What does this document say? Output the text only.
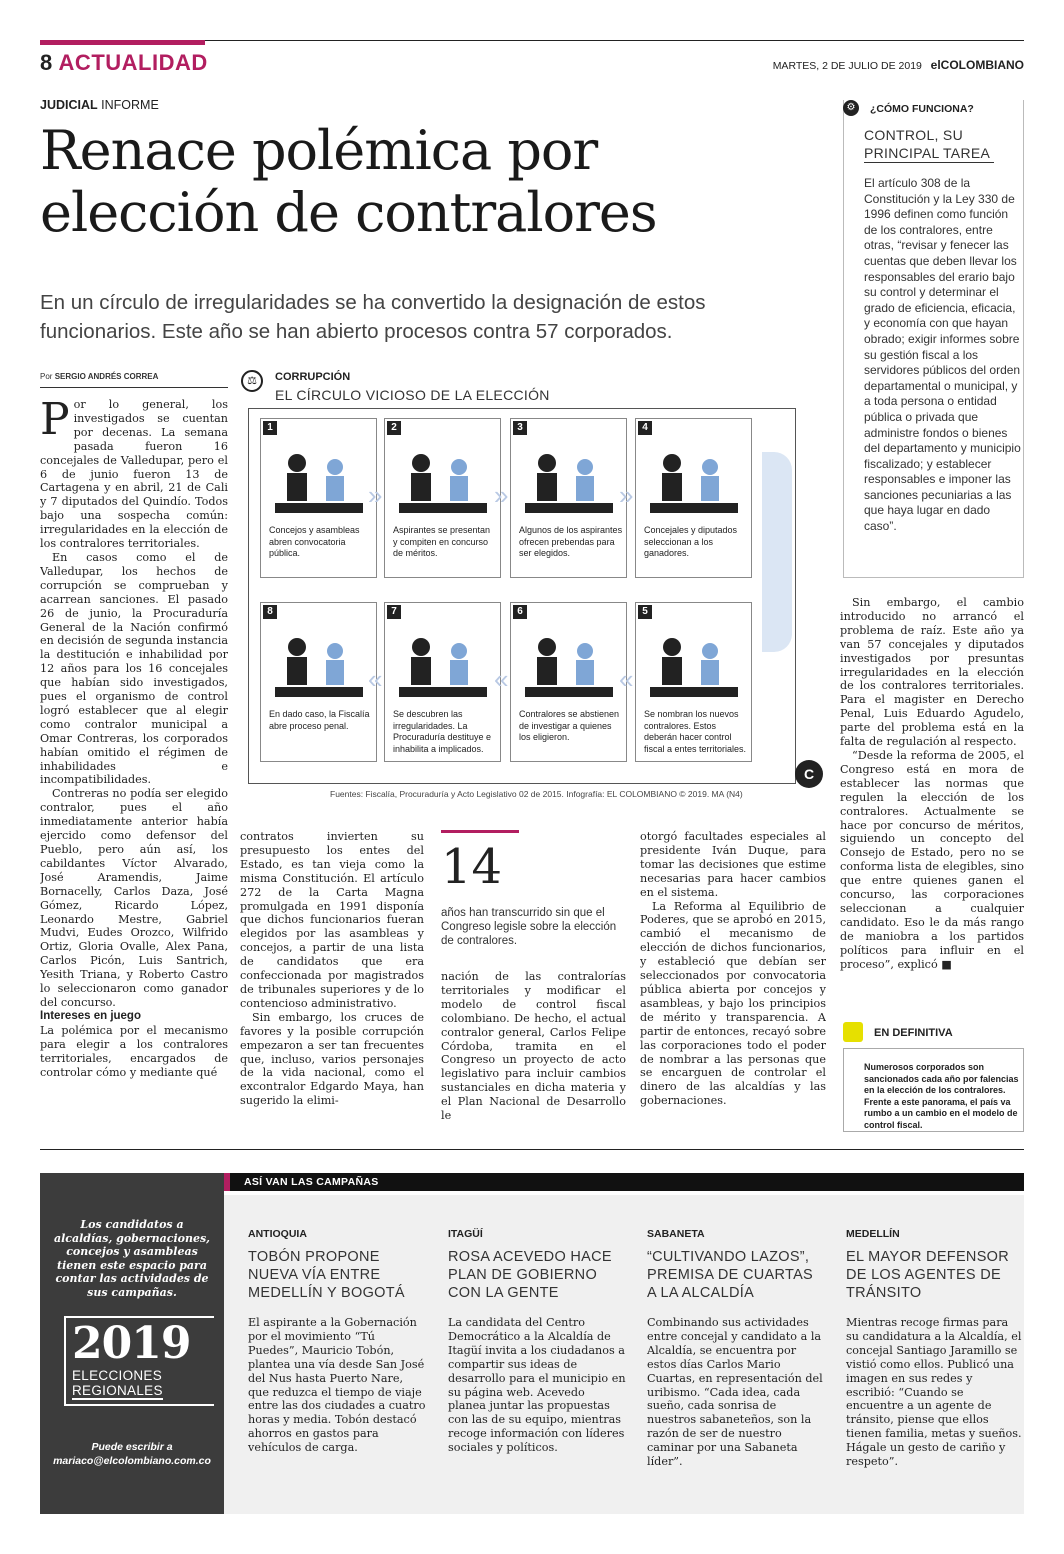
8 ACTUALIDAD	MARTES, 2 DE JULIO DE 2019 elCOLOMBIANO
JUDICIAL INFORME
Renace polémica por elección de contralores

En un círculo de irregularidades se ha convertido la designación de estos funcionarios. Este año se han abierto procesos contra 57 corporados.

Por SERGIO ANDRÉS CORREA

Por lo general, los investigados se cuentan por decenas. La semana pasada fueron 16 concejales de Valledupar, pero el 6 de junio fueron 13 de Cartagena y en abril, 21 de Cali y 7 diputados del Quindío. Todos bajo una sospecha común: irregularidades en la elección de los contralores territoriales.

En casos como el de Valledupar, los hechos de corrupción se comprueban y acarrean sanciones. El pasado 26 de junio, la Procuraduría General de la Nación confirmó en decisión de segunda instancia la destitución e inhabilidad por 12 años para los 16 concejales que habían sido investigados, pues el organismo de control logró establecer que al elegir como contralor municipal a Omar Contreras, los corporados habían omitido el régimen de inhabilidades e incompatibilidades.

Contreras no podía ser elegido contralor, pues el año inmediatamente anterior había ejercido como defensor del Pueblo, pero aún así, los cabildantes Víctor Alvarado, José Aramendis, Jaime Bornacelly, Carlos Daza, José Gómez, Ricardo López, Leonardo Mestre, Gabriel Mudvi, Eudes Orozco, Wilfrido Ortiz, Gloria Ovalle, Alex Pana, Carlos Picón, Luis Santrich, Yesith Triana, y Roberto Castro lo seleccionaron como ganador del concurso.

Intereses en juego

La polémica por el mecanismo para elegir a los contralores territoriales, encargados de controlar cómo y mediante qué

⚖	CORRUPCIÓN
EL CÍRCULO VICIOSO DE LA ELECCIÓN
1
Concejos y asambleas abren convocatoria pública.
2
Aspirantes se presentan y compiten en concurso de méritos.
3
Algunos de los aspirantes ofrecen prebendas para ser elegidos.
4
Concejales y diputados seleccionan a los ganadores.
5
Se nombran los nuevos contralores. Estos deberán hacer control fiscal a entes territoriales.
6
Contralores se abstienen de investigar a quienes los eligieron.
7
Se descubren las irregularidades. La Procuraduría destituye e inhabilita a implicados.
8
En dado caso, la Fiscalía abre proceso penal.
»	»	»
«
«
«
Fuentes: Fiscalía, Procuraduría y Acto Legislativo 02 de 2015. Infografía: EL COLOMBIANO © 2019. MA (N4)
C

contratos invierten su presupuesto los entes del Estado, es tan vieja como la misma Constitución. El artículo 272 de la Carta Magna promulgada en 1991 disponía que dichos funcionarios fueran elegidos por las asambleas y concejos, a partir de una lista de candidatos que era confeccionada por magistrados de tribunales superiores y de lo contencioso administrativo.

Sin embargo, los cruces de favores y la posible corrupción empezaron a ser tan frecuentes que, incluso, varios personajes de la vida nacional, como el excontralor Edgardo Maya, han sugerido la elimi-

14
años han transcurrido sin que el Congreso legisle sobre la elección de contralores.

nación de las contralorías territoriales y modificar el modelo de control fiscal colombiano. De hecho, el actual contralor general, Carlos Felipe Córdoba, tramita en el Congreso un proyecto de acto legislativo para incluir cambios sustanciales en dicha materia y el Plan Nacional de Desarrollo le

otorgó facultades especiales al presidente Iván Duque, para tomar las decisiones que estime necesarias para hacer cambios en el sistema.

La Reforma al Equilibrio de Poderes, que se aprobó en 2015, cambió el mecanismo de elección de dichos funcionarios, y estableció que debían ser seleccionados por convocatoria pública abierta por concejos y asambleas, y bajo los principios de mérito y transparencia. A partir de entonces, recayó sobre las corporaciones todo el poder de nombrar a las personas que se encarguen de controlar el dinero de las alcaldías y las gobernaciones.

⚙	¿CÓMO FUNCIONA?
CONTROL, SU PRINCIPAL TAREA
El artículo 308 de la Constitución y la Ley 330 de 1996 definen como función de los contralores, entre otras, “revisar y fenecer las cuentas que deben llevar los responsables del erario bajo su control y determinar el grado de eficiencia, eficacia, y economía con que hayan obrado; exigir informes sobre su gestión fiscal a los servidores públicos del orden departamental o municipal, y a toda persona o entidad pública o privada que administre fondos o bienes del departamento y municipio fiscalizado; y establecer responsables e imponer las sanciones pecuniarias a las que haya lugar en dado caso”.

Sin embargo, el cambio introducido no arrancó el problema de raíz. Este año ya van 57 concejales y diputados investigados por presuntas irregularidades en la elección de los contralores territoriales. Para el magister en Derecho Penal, Luis Eduardo Agudelo, parte del problema está en la falta de regulación al respecto.

“Desde la reforma de 2005, el Congreso está en mora de establecer las normas que regulen la elección de los contralores. Actualmente se hace por concurso de méritos, siguiendo un concepto del Consejo de Estado, pero no se conforma lista de elegibles, sino que entre quienes ganen el concurso, las corporaciones seleccionan a cualquier candidato. Eso le da más rango de maniobra a los partidos políticos para influir en el proceso”, explicó ■

EN DEFINITIVA
Numerosos corporados son sancionados cada año por falencias en la elección de los contralores. Frente a este panorama, el país va rumbo a un cambio en el modelo de control fiscal.
ASÍ VAN LAS CAMPAÑAS
Los candidatos a alcaldías, gobernaciones, concejos y asambleas tienen este espacio para contar las actividades de sus campañas.
2019
ELECCIONES
REGIONALES
Puede escribir a
mariaco@elcolombiano.com.co
ANTIOQUIA
TOBÓN PROPONE NUEVA VÍA ENTRE MEDELLÍN Y BOGOTÁ
El aspirante a la Gobernación por el movimiento “Tú Puedes”, Mauricio Tobón, plantea una vía desde San José del Nus hasta Puerto Nare, que reduzca el tiempo de viaje entre las dos ciudades a cuatro horas y media. Tobón destacó ahorros en gastos para vehículos de carga.
ITAGÜÍ
ROSA ACEVEDO HACE PLAN DE GOBIERNO CON LA GENTE
La candidata del Centro Democrático a la Alcaldía de Itagüí invita a los ciudadanos a compartir sus ideas de desarrollo para el municipio en su página web. Acevedo planea juntar las propuestas con las de su equipo, mientras recoge información con líderes sociales y políticos.
SABANETA
“CULTIVANDO LAZOS”, PREMISA DE CUARTAS A LA ALCALDÍA
Combinando sus actividades entre concejal y candidato a la Alcaldía, se encuentra por estos días Carlos Mario Cuartas, en representación del uribismo. “Cada idea, cada sueño, cada sonrisa de nuestros sabaneteños, son la razón de ser de nuestro caminar por una Sabaneta líder”.
MEDELLÍN
EL MAYOR DEFENSOR DE LOS AGENTES DE TRÁNSITO
Mientras recoge firmas para su candidatura a la Alcaldía, el concejal Santiago Jaramillo se vistió como ellos. Publicó una imagen en sus redes y escribió: “Cuando se encuentre a un agente de tránsito, piense que ellos tienen familia, metas y sueños. Hágale un gesto de cariño y respeto”.
